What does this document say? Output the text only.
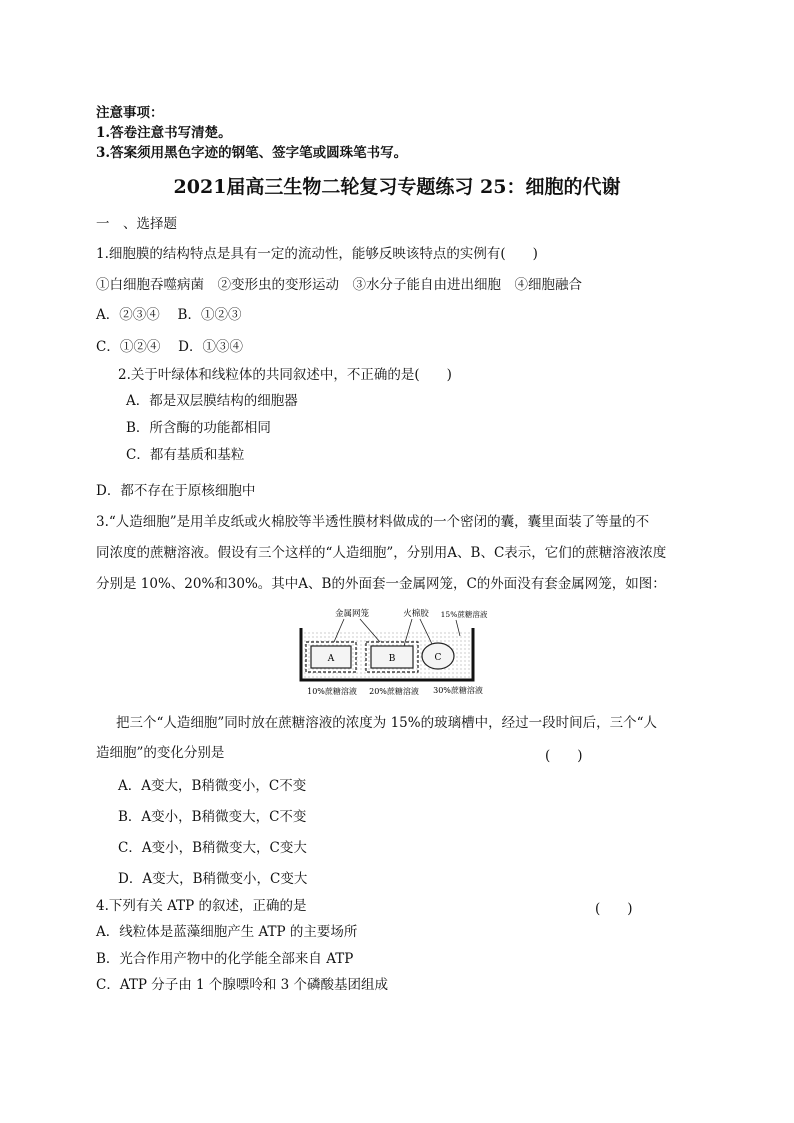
注意事项：
1.答卷注意书写清楚。
3.答案须用黑色字迹的钢笔、签字笔或圆珠笔书写。
2021届高三生物二轮复习专题练习 25：细胞的代谢
一　、选择题
1.细胞膜的结构特点是具有一定的流动性，能够反映该特点的实例有(　　)
①白细胞吞噬病菌　②变形虫的变形运动　③水分子能自由进出细胞　④细胞融合
A．②③④　 B．①②③
C．①②④　 D．①③④
2.关于叶绿体和线粒体的共同叙述中，不正确的是(　　)
A．都是双层膜结构的细胞器
B．所含酶的功能都相同
C．都有基质和基粒
D．都不存在于原核细胞中
3.“人造细胞”是用羊皮纸或火棉胶等半透性膜材料做成的一个密闭的囊，囊里面装了等量的不
同浓度的蔗糖溶液。假设有三个这样的“人造细胞”，分别用A、B、C表示，它们的蔗糖溶液浓度
分别是 10%、20%和30%。其中A、B的外面套一金属网笼，C的外面没有套金属网笼，如图：
A	B	C
金属网笼	火棉胶 15%蔗糖溶液
10%蔗糖溶液 20%蔗糖溶液 30%蔗糖溶液
把三个“人造细胞”同时放在蔗糖溶液的浓度为 15%的玻璃槽中，经过一段时间后，三个“人
造细胞”的变化分别是	(　　)
A．A变大，B稍微变小，C不变
B．A变小，B稍微变大，C不变
C．A变小，B稍微变大，C变大
D．A变大，B稍微变小，C变大
4.下列有关 ATP 的叙述，正确的是	(　　)
A．线粒体是蓝藻细胞产生 ATP 的主要场所
B．光合作用产物中的化学能全部来自 ATP
C．ATP 分子由 1 个腺嘌呤和 3 个磷酸基团组成
